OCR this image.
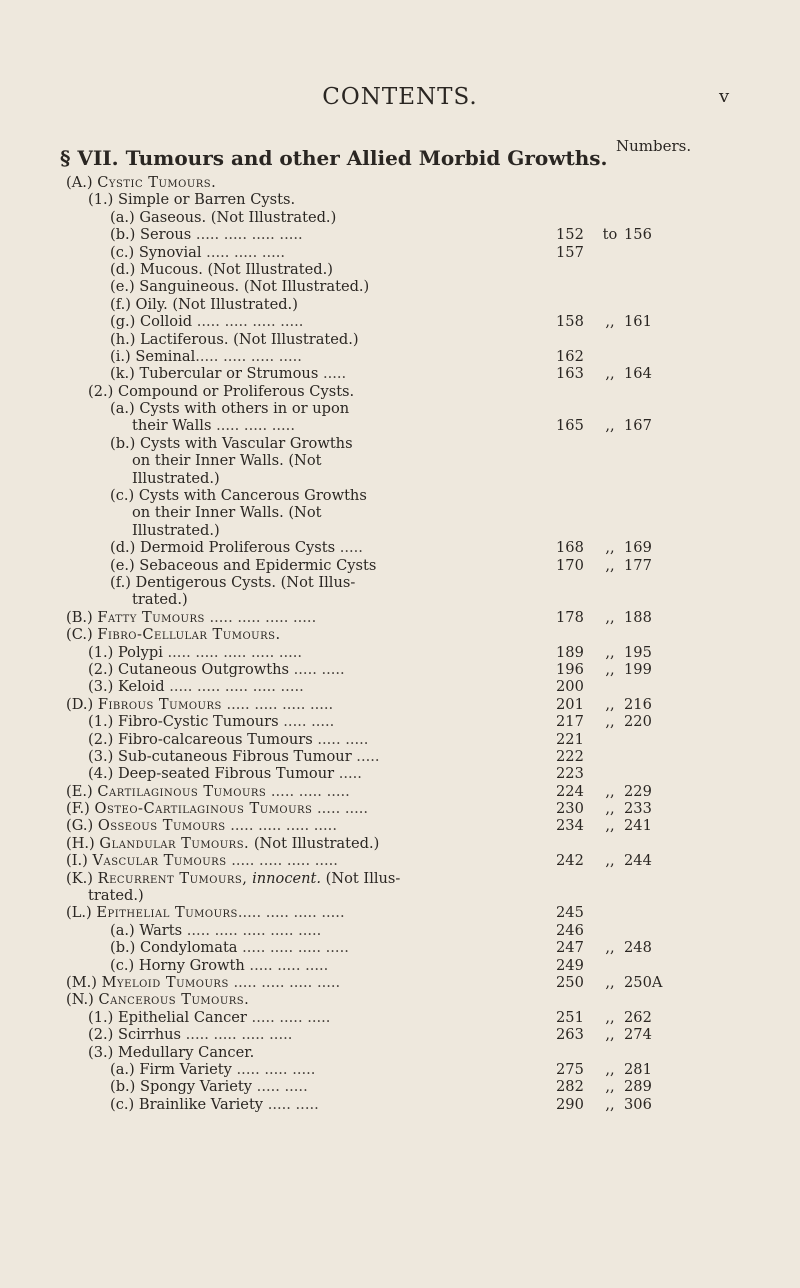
CONTENTS.	v
Numbers.
§ VII. Tumours and other Allied Morbid Growths.
(A.) Cystic Tumours.
(1.) Simple or Barren Cysts.
(a.) Gaseous. (Not Illustrated.)
(b.) Serous ..... ..... ..... .....	152	to 156
(c.) Synovial ..... ..... .....	157
(d.) Mucous. (Not Illustrated.)
(e.) Sanguineous. (Not Illustrated.)
(f.) Oily. (Not Illustrated.)
(g.) Colloid ..... ..... ..... .....	158	,, 161
(h.) Lactiferous. (Not Illustrated.)
(i.) Seminal..... ..... ..... .....	162
(k.) Tubercular or Strumous .....	163	,, 164
(2.) Compound or Proliferous Cysts.
(a.) Cysts with others in or upon
their Walls ..... ..... .....	165	,, 167
(b.) Cysts with Vascular Growths
on their Inner Walls. (Not
Illustrated.)
(c.) Cysts with Cancerous Growths
on their Inner Walls. (Not
Illustrated.)
(d.) Dermoid Proliferous Cysts .....	168	,, 169
(e.) Sebaceous and Epidermic Cysts	170	,, 177
(f.) Dentigerous Cysts. (Not Illus-
trated.)
(B.) Fatty Tumours ..... ..... ..... .....	178	,, 188
(C.) Fibro-Cellular Tumours.
(1.) Polypi ..... ..... ..... ..... .....	189	,, 195
(2.) Cutaneous Outgrowths ..... .....	196	,, 199
(3.) Keloid ..... ..... ..... ..... .....	200
(D.) Fibrous Tumours ..... ..... ..... .....	201	,, 216
(1.) Fibro-Cystic Tumours ..... .....	217	,, 220
(2.) Fibro-calcareous Tumours ..... .....	221
(3.) Sub-cutaneous Fibrous Tumour .....	222
(4.) Deep-seated Fibrous Tumour .....	223
(E.) Cartilaginous Tumours ..... ..... .....	224	,, 229
(F.) Osteo-Cartilaginous Tumours ..... .....	230	,, 233
(G.) Osseous Tumours ..... ..... ..... .....	234	,, 241
(H.) Glandular Tumours. (Not Illustrated.)
(I.) Vascular Tumours ..... ..... ..... .....	242	,, 244
(K.) Recurrent Tumours, innocent. (Not Illus-
trated.)
(L.) Epithelial Tumours..... ..... ..... .....	245
(a.) Warts ..... ..... ..... ..... .....	246
(b.) Condylomata ..... ..... ..... .....	247	,, 248
(c.) Horny Growth ..... ..... .....	249
(M.) Myeloid Tumours ..... ..... ..... .....	250	,, 250A
(N.) Cancerous Tumours.
(1.) Epithelial Cancer ..... ..... .....	251	,, 262
(2.) Scirrhus ..... ..... ..... .....	263	,, 274
(3.) Medullary Cancer.
(a.) Firm Variety ..... ..... .....	275	,, 281
(b.) Spongy Variety ..... .....	282	,, 289
(c.) Brainlike Variety ..... .....	290	,, 306
